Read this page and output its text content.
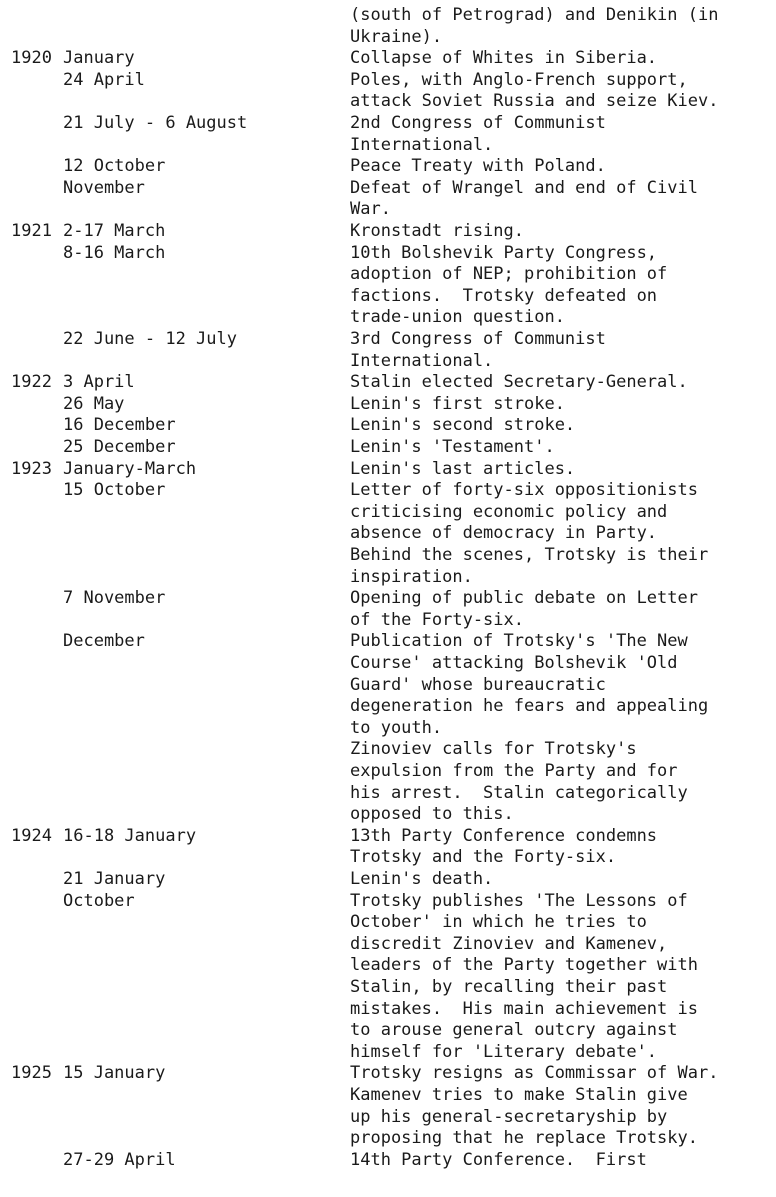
(south of Petrograd) and Denikin (in
Ukraine).
1920 January	Collapse of Whites in Siberia.
24 April	Poles, with Anglo-French support,
attack Soviet Russia and seize Kiev.
21 July - 6 August	2nd Congress of Communist
International.
12 October	Peace Treaty with Poland.
November	Defeat of Wrangel and end of Civil
War.
1921 2-17 March	Kronstadt rising.
8-16 March	10th Bolshevik Party Congress,
adoption of NEP; prohibition of
factions.  Trotsky defeated on
trade-union question.
22 June - 12 July	3rd Congress of Communist
International.
1922 3 April	Stalin elected Secretary-General.
26 May	Lenin's first stroke.
16 December	Lenin's second stroke.
25 December	Lenin's 'Testament'.
1923 January-March	Lenin's last articles.
15 October	Letter of forty-six oppositionists
criticising economic policy and
absence of democracy in Party.
Behind the scenes, Trotsky is their
inspiration.
7 November	Opening of public debate on Letter
of the Forty-six.
December	Publication of Trotsky's 'The New
Course' attacking Bolshevik 'Old
Guard' whose bureaucratic
degeneration he fears and appealing
to youth.
Zinoviev calls for Trotsky's
expulsion from the Party and for
his arrest.  Stalin categorically
opposed to this.
1924 16-18 January	13th Party Conference condemns
Trotsky and the Forty-six.
21 January	Lenin's death.
October	Trotsky publishes 'The Lessons of
October' in which he tries to
discredit Zinoviev and Kamenev,
leaders of the Party together with
Stalin, by recalling their past
mistakes.  His main achievement is
to arouse general outcry against
himself for 'Literary debate'.
1925 15 January	Trotsky resigns as Commissar of War.
Kamenev tries to make Stalin give
up his general-secretaryship by
proposing that he replace Trotsky.
27-29 April	14th Party Conference.  First
